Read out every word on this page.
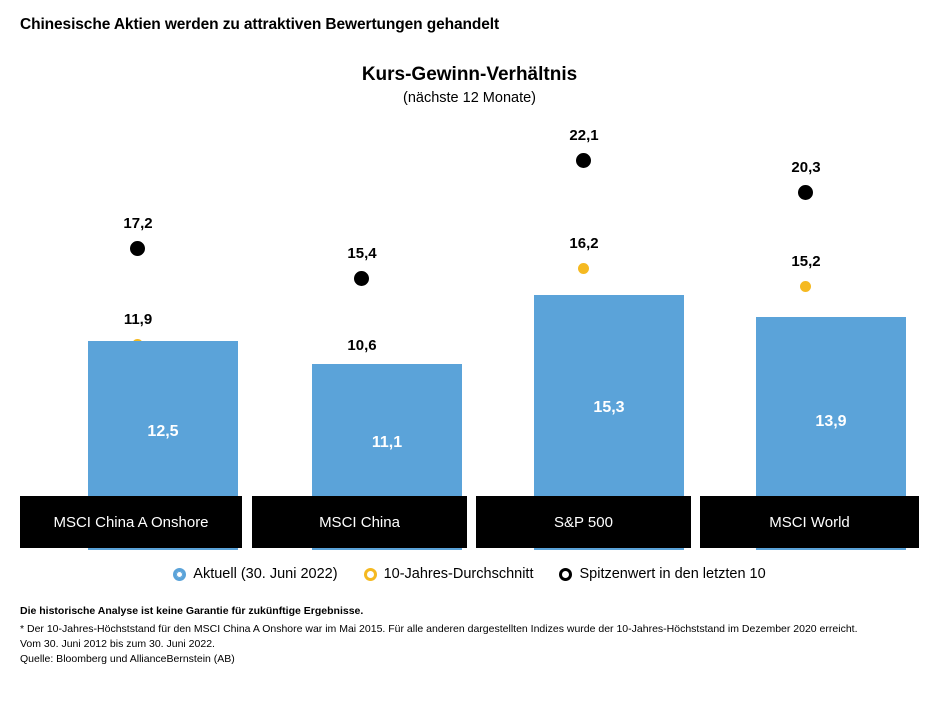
Chinesische Aktien werden zu attraktiven Bewertungen gehandelt
Kurs-Gewinn-Verhältnis
(nächste 12 Monate)
17,2
11,9
12,5
15,4
10,6
11,1
22,1
16,2
15,3
20,3
15,2
13,9
MSCI China A Onshore	MSCI China	S&P 500	MSCI World
Aktuell (30. Juni 2022)	10-Jahres-Durchschnitt	Spitzenwert in den letzten 10
Die historische Analyse ist keine Garantie für zukünftige Ergebnisse.
* Der 10-Jahres-Höchststand für den MSCI China A Onshore war im Mai 2015. Für alle anderen dargestellten Indizes wurde der 10-Jahres-Höchststand im Dezember 2020 erreicht.
Vom 30. Juni 2012 bis zum 30. Juni 2022.
Quelle: Bloomberg und AllianceBernstein (AB)
